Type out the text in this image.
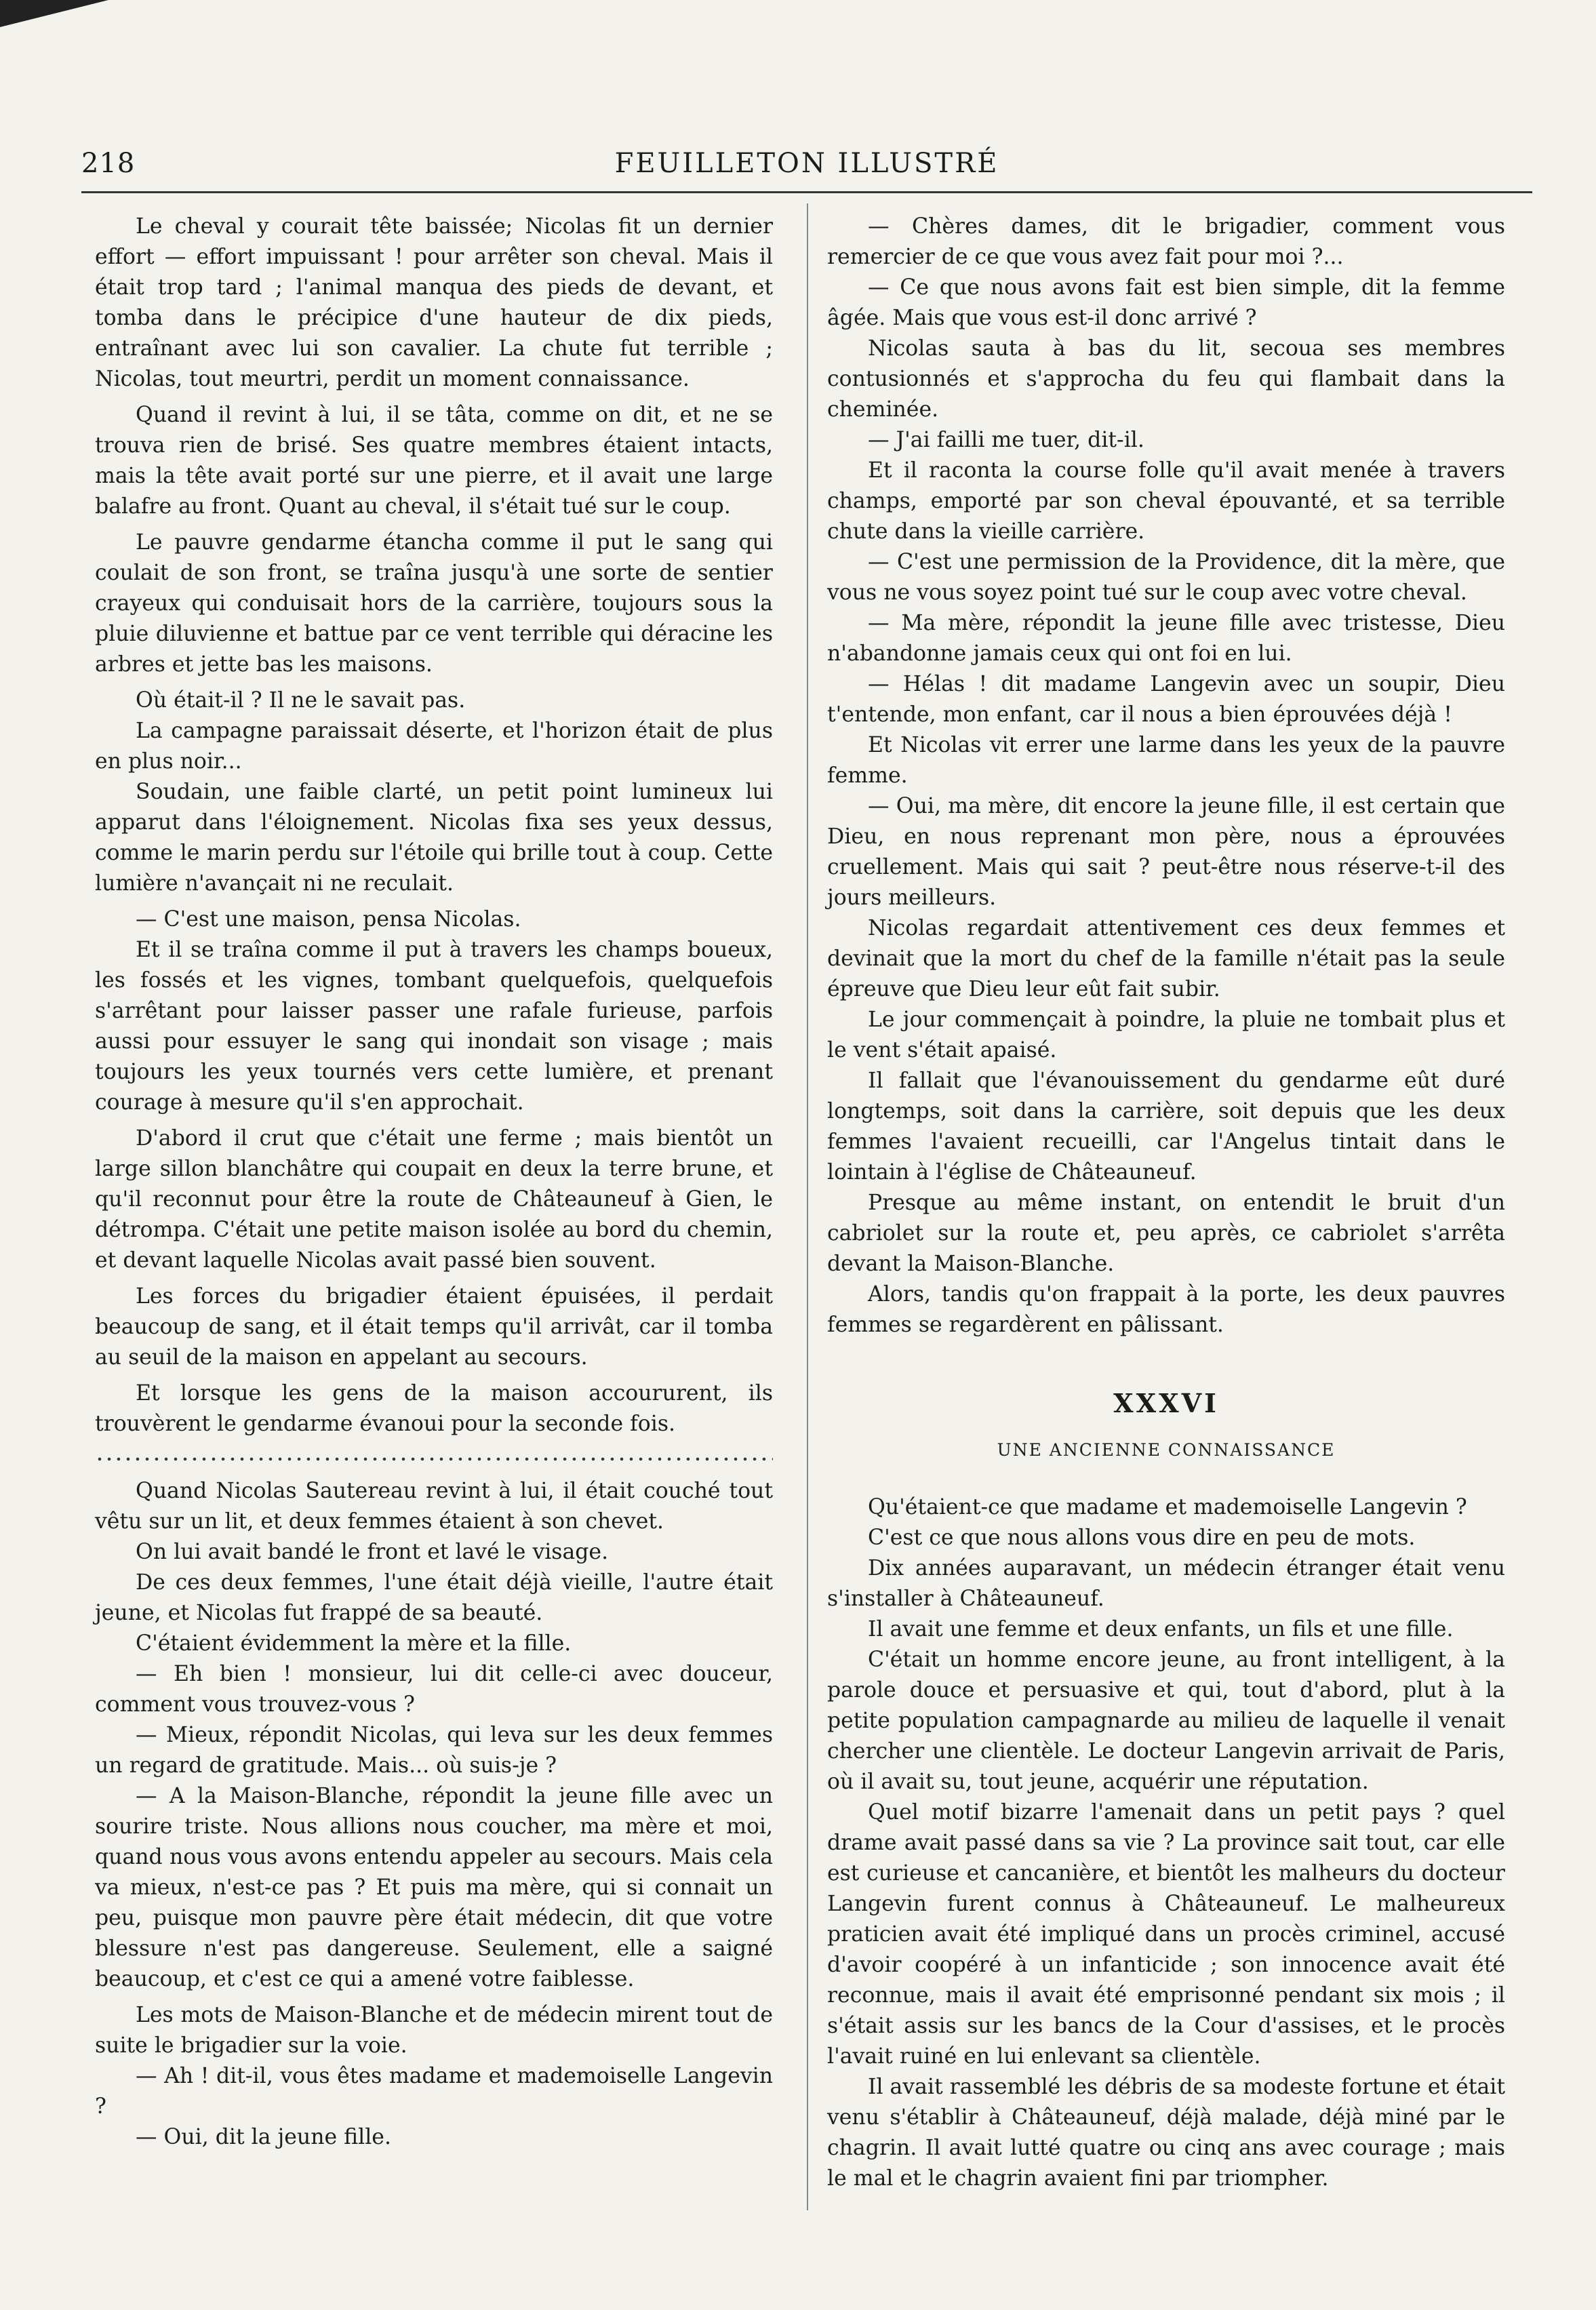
218	FEUILLETON ILLUSTRÉ

Le cheval y courait tête baissée; Nicolas fit un dernier effort — effort impuissant ! pour arrêter son cheval. Mais il était trop tard ; l'animal manqua des pieds de devant, et tomba dans le précipice d'une hauteur de dix pieds, entraînant avec lui son cavalier. La chute fut terrible ; Nicolas, tout meurtri, perdit un moment connaissance.

Quand il revint à lui, il se tâta, comme on dit, et ne se trouva rien de brisé. Ses quatre membres étaient intacts, mais la tête avait porté sur une pierre, et il avait une large balafre au front. Quant au cheval, il s'était tué sur le coup.

Le pauvre gendarme étancha comme il put le sang qui coulait de son front, se traîna jusqu'à une sorte de sentier crayeux qui conduisait hors de la carrière, toujours sous la pluie diluvienne et battue par ce vent terrible qui déracine les arbres et jette bas les maisons.

Où était-il ? Il ne le savait pas.

La campagne paraissait déserte, et l'horizon était de plus en plus noir...

Soudain, une faible clarté, un petit point lumineux lui apparut dans l'éloignement. Nicolas fixa ses yeux dessus, comme le marin perdu sur l'étoile qui brille tout à coup. Cette lumière n'avançait ni ne reculait.

— C'est une maison, pensa Nicolas.

Et il se traîna comme il put à travers les champs boueux, les fossés et les vignes, tombant quelquefois, quelquefois s'arrêtant pour laisser passer une rafale furieuse, parfois aussi pour essuyer le sang qui inondait son visage ; mais toujours les yeux tournés vers cette lumière, et prenant courage à mesure qu'il s'en approchait.

D'abord il crut que c'était une ferme ; mais bientôt un large sillon blanchâtre qui coupait en deux la terre brune, et qu'il reconnut pour être la route de Châteauneuf à Gien, le détrompa. C'était une petite maison isolée au bord du chemin, et devant laquelle Nicolas avait passé bien souvent.

Les forces du brigadier étaient épuisées, il perdait beaucoup de sang, et il était temps qu'il arrivât, car il tomba au seuil de la maison en appelant au secours.

Et lorsque les gens de la maison accoururent, ils trouvèrent le gendarme évanoui pour la seconde fois.

Quand Nicolas Sautereau revint à lui, il était couché tout vêtu sur un lit, et deux femmes étaient à son chevet.

On lui avait bandé le front et lavé le visage.

De ces deux femmes, l'une était déjà vieille, l'autre était jeune, et Nicolas fut frappé de sa beauté.

C'étaient évidemment la mère et la fille.

— Eh bien ! monsieur, lui dit celle-ci avec douceur, comment vous trouvez-vous ?

— Mieux, répondit Nicolas, qui leva sur les deux femmes un regard de gratitude. Mais... où suis-je ?

— A la Maison-Blanche, répondit la jeune fille avec un sourire triste. Nous allions nous coucher, ma mère et moi, quand nous vous avons entendu appeler au secours. Mais cela va mieux, n'est-ce pas ? Et puis ma mère, qui si connait un peu, puisque mon pauvre père était médecin, dit que votre blessure n'est pas dangereuse. Seulement, elle a saigné beaucoup, et c'est ce qui a amené votre faiblesse.

Les mots de Maison-Blanche et de médecin mirent tout de suite le brigadier sur la voie.

— Ah ! dit-il, vous êtes madame et mademoiselle Langevin ?

— Oui, dit la jeune fille.

— Chères dames, dit le brigadier, comment vous remercier de ce que vous avez fait pour moi ?...

— Ce que nous avons fait est bien simple, dit la femme âgée. Mais que vous est-il donc arrivé ?

Nicolas sauta à bas du lit, secoua ses membres contusionnés et s'approcha du feu qui flambait dans la cheminée.

— J'ai failli me tuer, dit-il.

Et il raconta la course folle qu'il avait menée à travers champs, emporté par son cheval épouvanté, et sa terrible chute dans la vieille carrière.

— C'est une permission de la Providence, dit la mère, que vous ne vous soyez point tué sur le coup avec votre cheval.

— Ma mère, répondit la jeune fille avec tristesse, Dieu n'abandonne jamais ceux qui ont foi en lui.

— Hélas ! dit madame Langevin avec un soupir, Dieu t'entende, mon enfant, car il nous a bien éprouvées déjà !

Et Nicolas vit errer une larme dans les yeux de la pauvre femme.

— Oui, ma mère, dit encore la jeune fille, il est certain que Dieu, en nous reprenant mon père, nous a éprouvées cruellement. Mais qui sait ? peut-être nous réserve-t-il des jours meilleurs.

Nicolas regardait attentivement ces deux femmes et devinait que la mort du chef de la famille n'était pas la seule épreuve que Dieu leur eût fait subir.

Le jour commençait à poindre, la pluie ne tombait plus et le vent s'était apaisé.

Il fallait que l'évanouissement du gendarme eût duré longtemps, soit dans la carrière, soit depuis que les deux femmes l'avaient recueilli, car l'Angelus tintait dans le lointain à l'église de Châteauneuf.

Presque au même instant, on entendit le bruit d'un cabriolet sur la route et, peu après, ce cabriolet s'arrêta devant la Maison-Blanche.

Alors, tandis qu'on frappait à la porte, les deux pauvres femmes se regardèrent en pâlissant.

XXXVI
UNE ANCIENNE CONNAISSANCE

Qu'étaient-ce que madame et mademoiselle Langevin ?

C'est ce que nous allons vous dire en peu de mots.

Dix années auparavant, un médecin étranger était venu s'installer à Châteauneuf.

Il avait une femme et deux enfants, un fils et une fille.

C'était un homme encore jeune, au front intelligent, à la parole douce et persuasive et qui, tout d'abord, plut à la petite population campagnarde au milieu de laquelle il venait chercher une clientèle. Le docteur Langevin arrivait de Paris, où il avait su, tout jeune, acquérir une réputation.

Quel motif bizarre l'amenait dans un petit pays ? quel drame avait passé dans sa vie ? La province sait tout, car elle est curieuse et cancanière, et bientôt les malheurs du docteur Langevin furent connus à Châteauneuf. Le malheureux praticien avait été impliqué dans un procès criminel, accusé d'avoir coopéré à un infanticide ; son innocence avait été reconnue, mais il avait été emprisonné pendant six mois ; il s'était assis sur les bancs de la Cour d'assises, et le procès l'avait ruiné en lui enlevant sa clientèle.

Il avait rassemblé les débris de sa modeste fortune et était venu s'établir à Châteauneuf, déjà malade, déjà miné par le chagrin. Il avait lutté quatre ou cinq ans avec courage ; mais le mal et le chagrin avaient fini par triompher.
